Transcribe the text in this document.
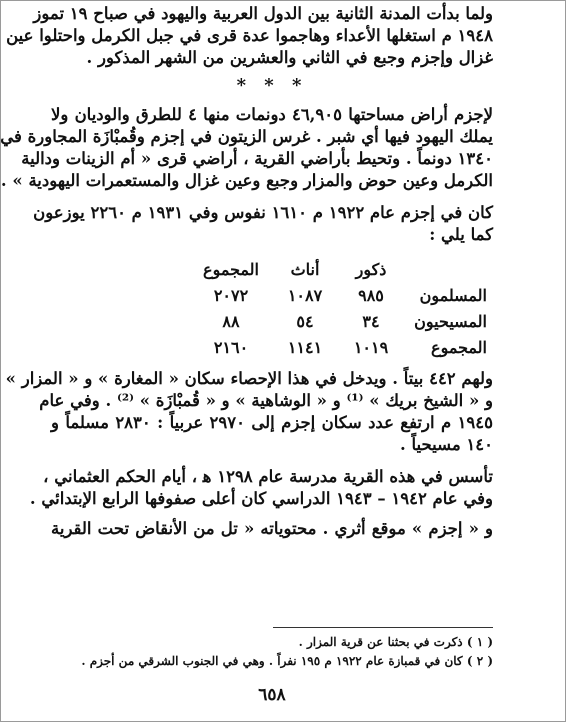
ولما بدأت المدنة الثانية بين الدول العربية واليهود في صباح ١٩ تموز

١٩٤٨ م استغلها الأعداء وهاجموا عدة قرى في جبل الكرمل واحتلوا عين

غزال وإجزم وجبع في الثاني والعشرين من الشهر المذكور .

* * *

لإجزم أراض مساحتها ٤٦,٩٠٥ دونمات منها ٤ للطرق والوديان ولا

يملك اليهود فيها أي شبر . غرس الزيتون في إجزم وقُمبْازَة المجاورة في

١٣٤٠ دونماً . وتحيط بأراضي القرية ، أراضي قرى « أم الزينات ودالية

الكرمل وعين حوض والمزار وجبع وعين غزال والمستعمرات اليهودية » .

كان في إجزم عام ١٩٢٢ م ١٦١٠ نفوس وفي ١٩٣١ م ٢٢٦٠ يوزعون

كما يلي :

	ذكور	أناث	المجموع	
المسلمون	٩٨٥	١٠٨٧	٢٠٧٢	
المسيحيون	٣٤	٥٤	٨٨	
المجموع	١٠١٩	١١٤١	٢١٦٠	

ولهم ٤٤٢ بيتاً . ويدخل في هذا الإحصاء سكان « المغارة » و « المزار »

و « الشيخ بريك » ⁽¹⁾ و « الوشاهية » و « قُمبْازَة » ⁽²⁾ . وفي عام

١٩٤٥ م ارتفع عدد سكان إجزم إلى ٢٩٧٠ عربياً : ٢٨٣٠ مسلماً و

١٤٠ مسيحياً .

تأسس في هذه القرية مدرسة عام ١٢٩٨ ﻫ ، أيام الحكم العثماني ،

وفي عام ١٩٤٢ – ١٩٤٣ الدراسي كان أعلى صفوفها الرابع الإبتدائي .

و « إجزم » موقع أثري . محتوياته « تل من الأنقاض تحت القرية

( ١ ) ذكرت في بحثنا عن قرية المزار .

( ٢ ) كان في قمبازة عام ١٩٢٢ م ١٩٥ نفراً . وهي في الجنوب الشرقي من أجزم .

٦٥٨
